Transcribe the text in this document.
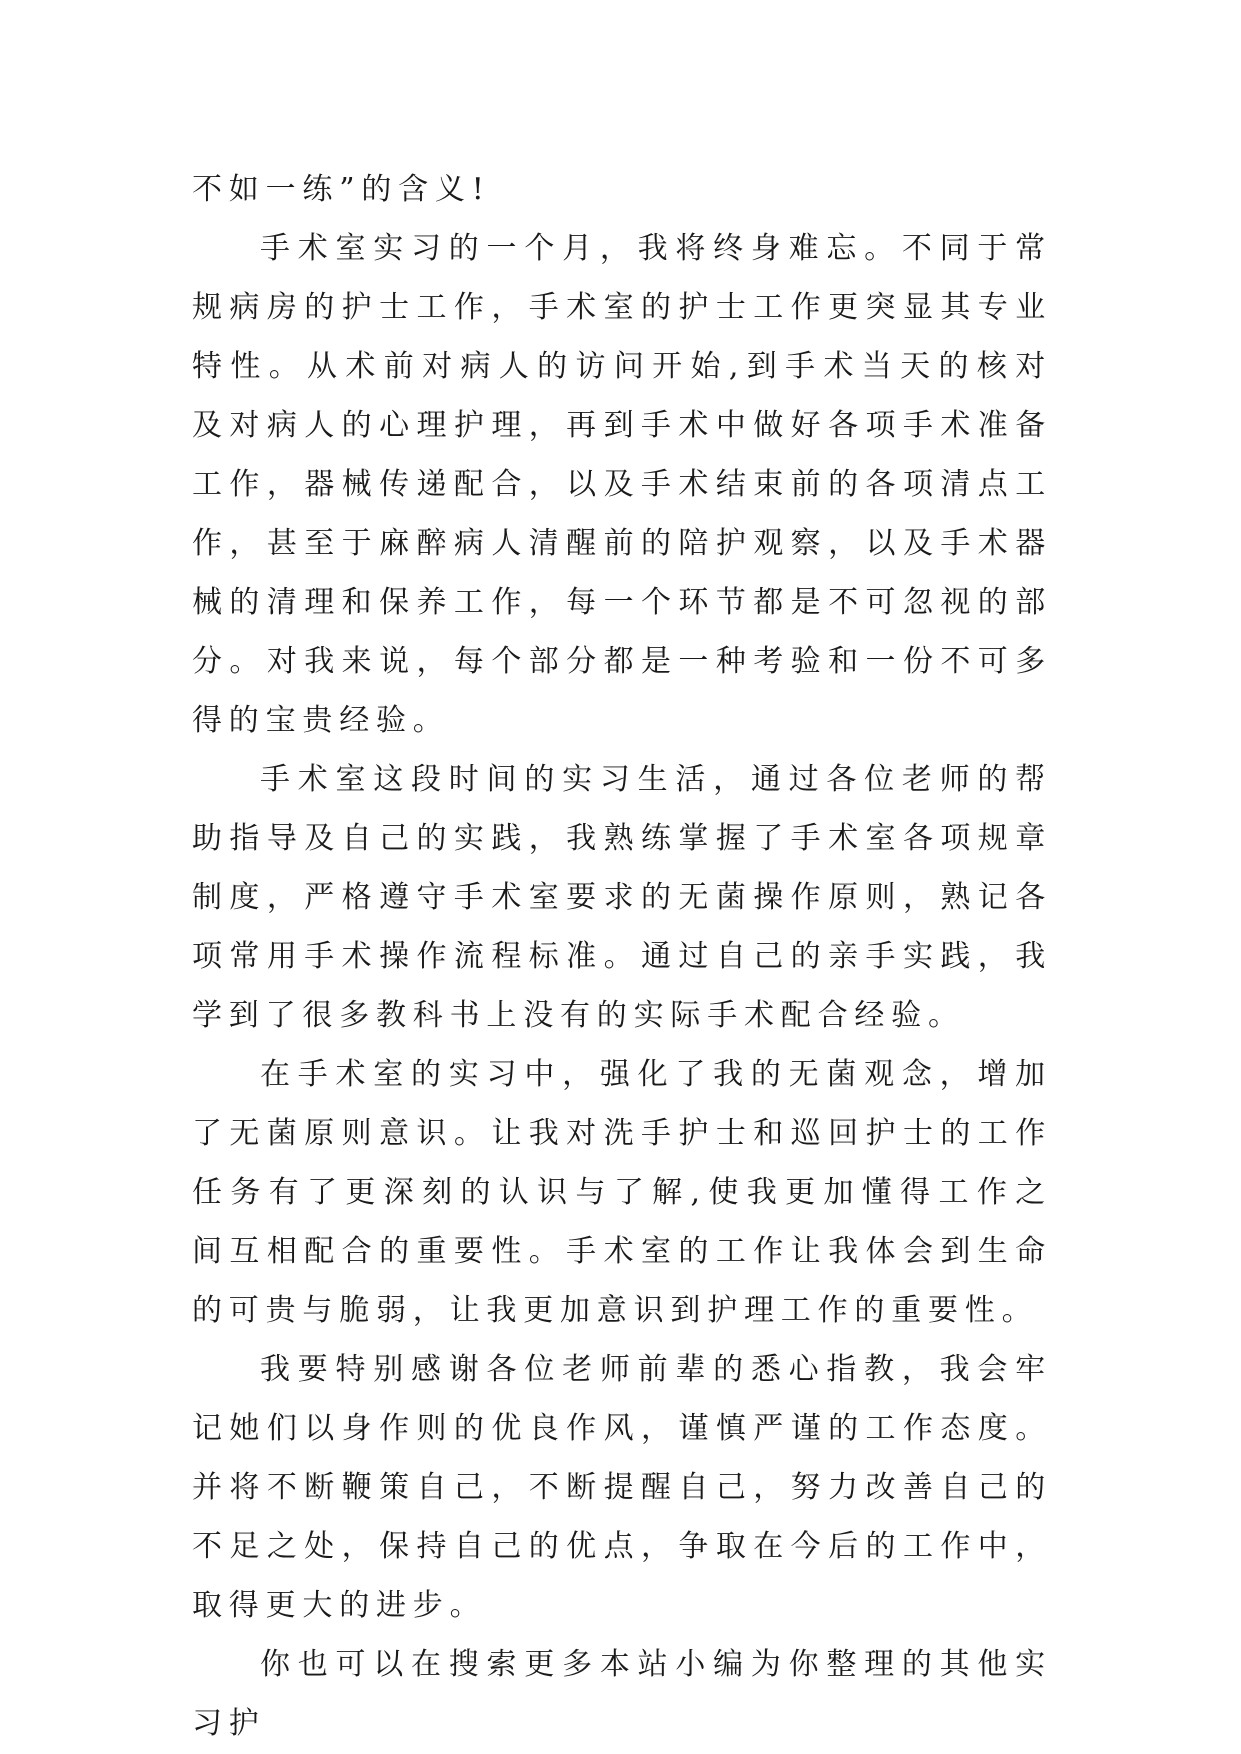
不如一练”的含义!

手术室实习的一个月，我将终身难忘。不同于常规病房的护士工作，手术室的护士工作更突显其专业特性。从术前对病人的访问开始,到手术当天的核对及对病人的心理护理，再到手术中做好各项手术准备工作，器械传递配合，以及手术结束前的各项清点工作，甚至于麻醉病人清醒前的陪护观察，以及手术器械的清理和保养工作，每一个环节都是不可忽视的部分。对我来说，每个部分都是一种考验和一份不可多得的宝贵经验。

手术室这段时间的实习生活，通过各位老师的帮助指导及自己的实践，我熟练掌握了手术室各项规章制度，严格遵守手术室要求的无菌操作原则，熟记各项常用手术操作流程标准。通过自己的亲手实践，我学到了很多教科书上没有的实际手术配合经验。

在手术室的实习中，强化了我的无菌观念，增加了无菌原则意识。让我对洗手护士和巡回护士的工作任务有了更深刻的认识与了解,使我更加懂得工作之间互相配合的重要性。手术室的工作让我体会到生命的可贵与脆弱，让我更加意识到护理工作的重要性。

我要特别感谢各位老师前辈的悉心指教，我会牢记她们以身作则的优良作风，谨慎严谨的工作态度。并将不断鞭策自己，不断提醒自己，努力改善自己的不足之处，保持自己的优点，争取在今后的工作中，取得更大的进步。

你也可以在搜索更多本站小编为你整理的其他实习护
